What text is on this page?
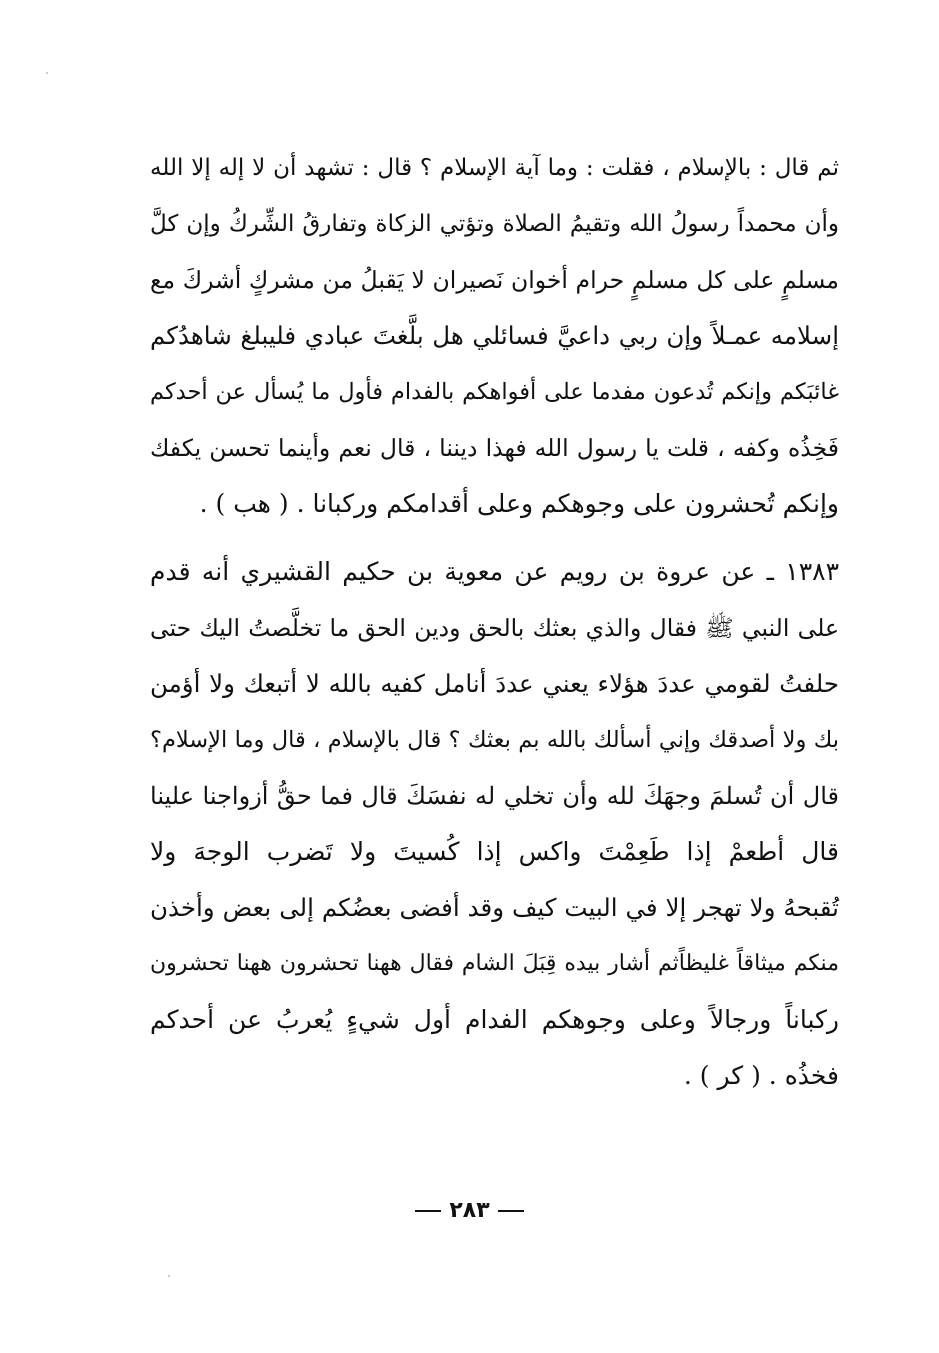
ثم قال : بالإسلام ، فقلت : وما آية الإسلام ؟ قال : تشهد أن لا إله إلا الله
وأن محمداً رسولُ الله وتقيمُ الصلاة وتؤتي الزكاة وتفارقُ الشِّركُ وإن كلَّ
مسلمٍ على كل مسلمٍ حرام أخوان نَصيران لا يَقبلُ من مشركٍ أشركَ مع
إسلامه عمـلاً وإن ربي داعيَّ فسائلي هل بلَّغتَ عبادي فليبلغ شاهدُكم
غائبَكم وإنكم تُدعون مفدما على أفواهكم بالفدام فأول ما يُسأل عن أحدكم
فَخِذُه وكفه ، قلت يا رسول الله فهذا ديننا ، قال نعم وأينما تحسن يكفك
وإنكم تُحشرون على وجوهكم وعلى أقدامكم وركبانا . ( هب ) .
١٣٨٣ ـ عن عروة بن رويم عن معوية بن حكيم القشيري أنه قدم
على النبي ﷺ فقال والذي بعثك بالحق ودين الحق ما تخلَّصتُ اليك حتى
حلفتُ لقومي عددَ هؤلاء يعني عددَ أنامل كفيه بالله لا أتبعك ولا أؤمن
بك ولا أصدقك وإني أسألك بالله بم بعثك ؟ قال بالإسلام ، قال وما الإسلام؟
قال أن تُسلمَ وجهَكَ لله وأن تخلي له نفسَكَ قال فما حقُّ أزواجنا علينا
قال أطعمْ إذا طَعِمْتَ واكس إذا كُسيتَ ولا تَضرب الوجهَ ولا
تُقبحهُ ولا تهجر إلا في البيت كيف وقد أفضى بعضُكم إلى بعض وأخذن
منكم ميثاقاً غليظاًثم أشار بيده قِبَلَ الشام فقال ههنا تحشرون ههنا تحشرون
ركباناً ورجالاً وعلى وجوهكم الفدام أول شيءٍ يُعربُ عن أحدكم
فخذُه . ( كر ) .
٢٨٣
